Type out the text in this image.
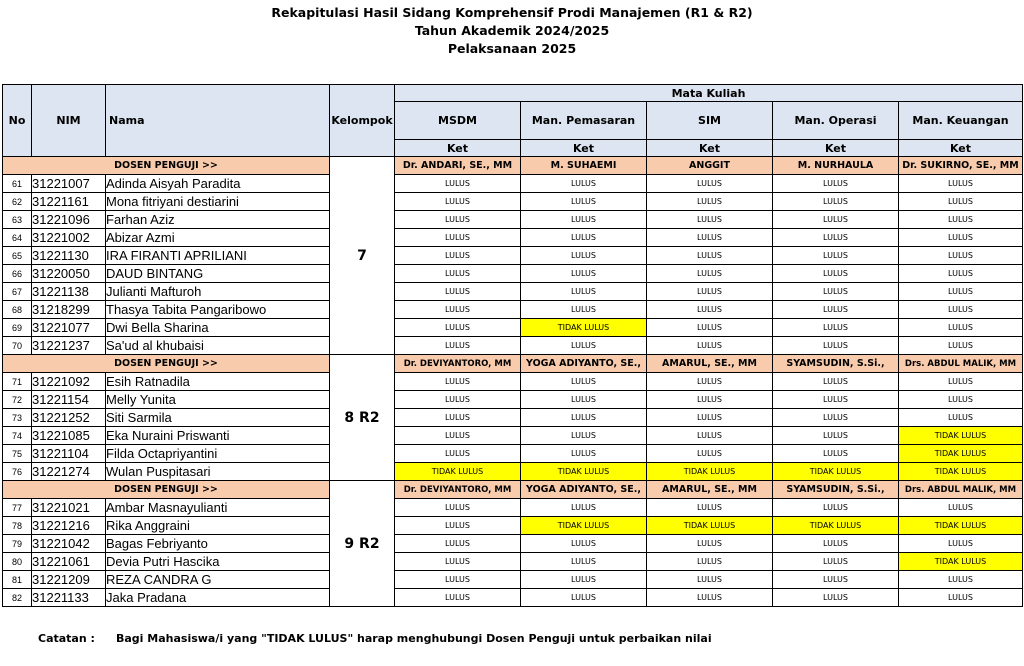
Rekapitulasi Hasil Sidang Komprehensif Prodi Manajemen (R1 & R2)
Tahun Akademik 2024/2025
Pelaksanaan 2025
No	NIM	Nama	Kelompok	Mata Kuliah				
				MSDM	Man. Pemasaran	SIM	Man. Operasi	Man. Keuangan
				Ket	Ket	Ket	Ket	Ket
DOSEN PENGUJI >>			7	Dr. ANDARI, SE., MM	M. SUHAEMI	ANGGIT	M. NURHAULA	Dr. SUKIRNO, SE., MM
61	31221007	Adinda Aisyah Paradita		LULUS	LULUS	LULUS	LULUS	LULUS
62	31221161	Mona fitriyani destiarini		LULUS	LULUS	LULUS	LULUS	LULUS
63	31221096	Farhan Aziz		LULUS	LULUS	LULUS	LULUS	LULUS
64	31221002	Abizar Azmi		LULUS	LULUS	LULUS	LULUS	LULUS
65	31221130	IRA FIRANTI APRILIANI		LULUS	LULUS	LULUS	LULUS	LULUS
66	31220050	DAUD BINTANG		LULUS	LULUS	LULUS	LULUS	LULUS
67	31221138	Julianti Mafturoh		LULUS	LULUS	LULUS	LULUS	LULUS
68	31218299	Thasya Tabita Pangaribowo		LULUS	LULUS	LULUS	LULUS	LULUS
69	31221077	Dwi Bella Sharina		LULUS	TIDAK LULUS	LULUS	LULUS	LULUS
70	31221237	Sa'ud al khubaisi		LULUS	LULUS	LULUS	LULUS	LULUS
DOSEN PENGUJI >>			8 R2	Dr. DEVIYANTORO, MM	YOGA ADIYANTO, SE.,	AMARUL, SE., MM	SYAMSUDIN, S.Si.,	Drs. ABDUL MALIK, MM
71	31221092	Esih Ratnadila		LULUS	LULUS	LULUS	LULUS	LULUS
72	31221154	Melly Yunita		LULUS	LULUS	LULUS	LULUS	LULUS
73	31221252	Siti Sarmila		LULUS	LULUS	LULUS	LULUS	LULUS
74	31221085	Eka Nuraini Priswanti		LULUS	LULUS	LULUS	LULUS	TIDAK LULUS
75	31221104	Filda Octapriyantini		LULUS	LULUS	LULUS	LULUS	TIDAK LULUS
76	31221274	Wulan Puspitasari		TIDAK LULUS	TIDAK LULUS	TIDAK LULUS	TIDAK LULUS	TIDAK LULUS
DOSEN PENGUJI >>			9 R2	Dr. DEVIYANTORO, MM	YOGA ADIYANTO, SE.,	AMARUL, SE., MM	SYAMSUDIN, S.Si.,	Drs. ABDUL MALIK, MM
77	31221021	Ambar Masnayulianti		LULUS	LULUS	LULUS	LULUS	LULUS
78	31221216	Rika Anggraini		LULUS	TIDAK LULUS	TIDAK LULUS	TIDAK LULUS	TIDAK LULUS
79	31221042	Bagas Febriyanto		LULUS	LULUS	LULUS	LULUS	LULUS
80	31221061	Devia Putri Hascika		LULUS	LULUS	LULUS	LULUS	TIDAK LULUS
81	31221209	REZA CANDRA G		LULUS	LULUS	LULUS	LULUS	LULUS
82	31221133	Jaka Pradana		LULUS	LULUS	LULUS	LULUS	LULUS
Catatan : Bagi Mahasiswa/i yang "TIDAK LULUS" harap menghubungi Dosen Penguji untuk perbaikan nilai
